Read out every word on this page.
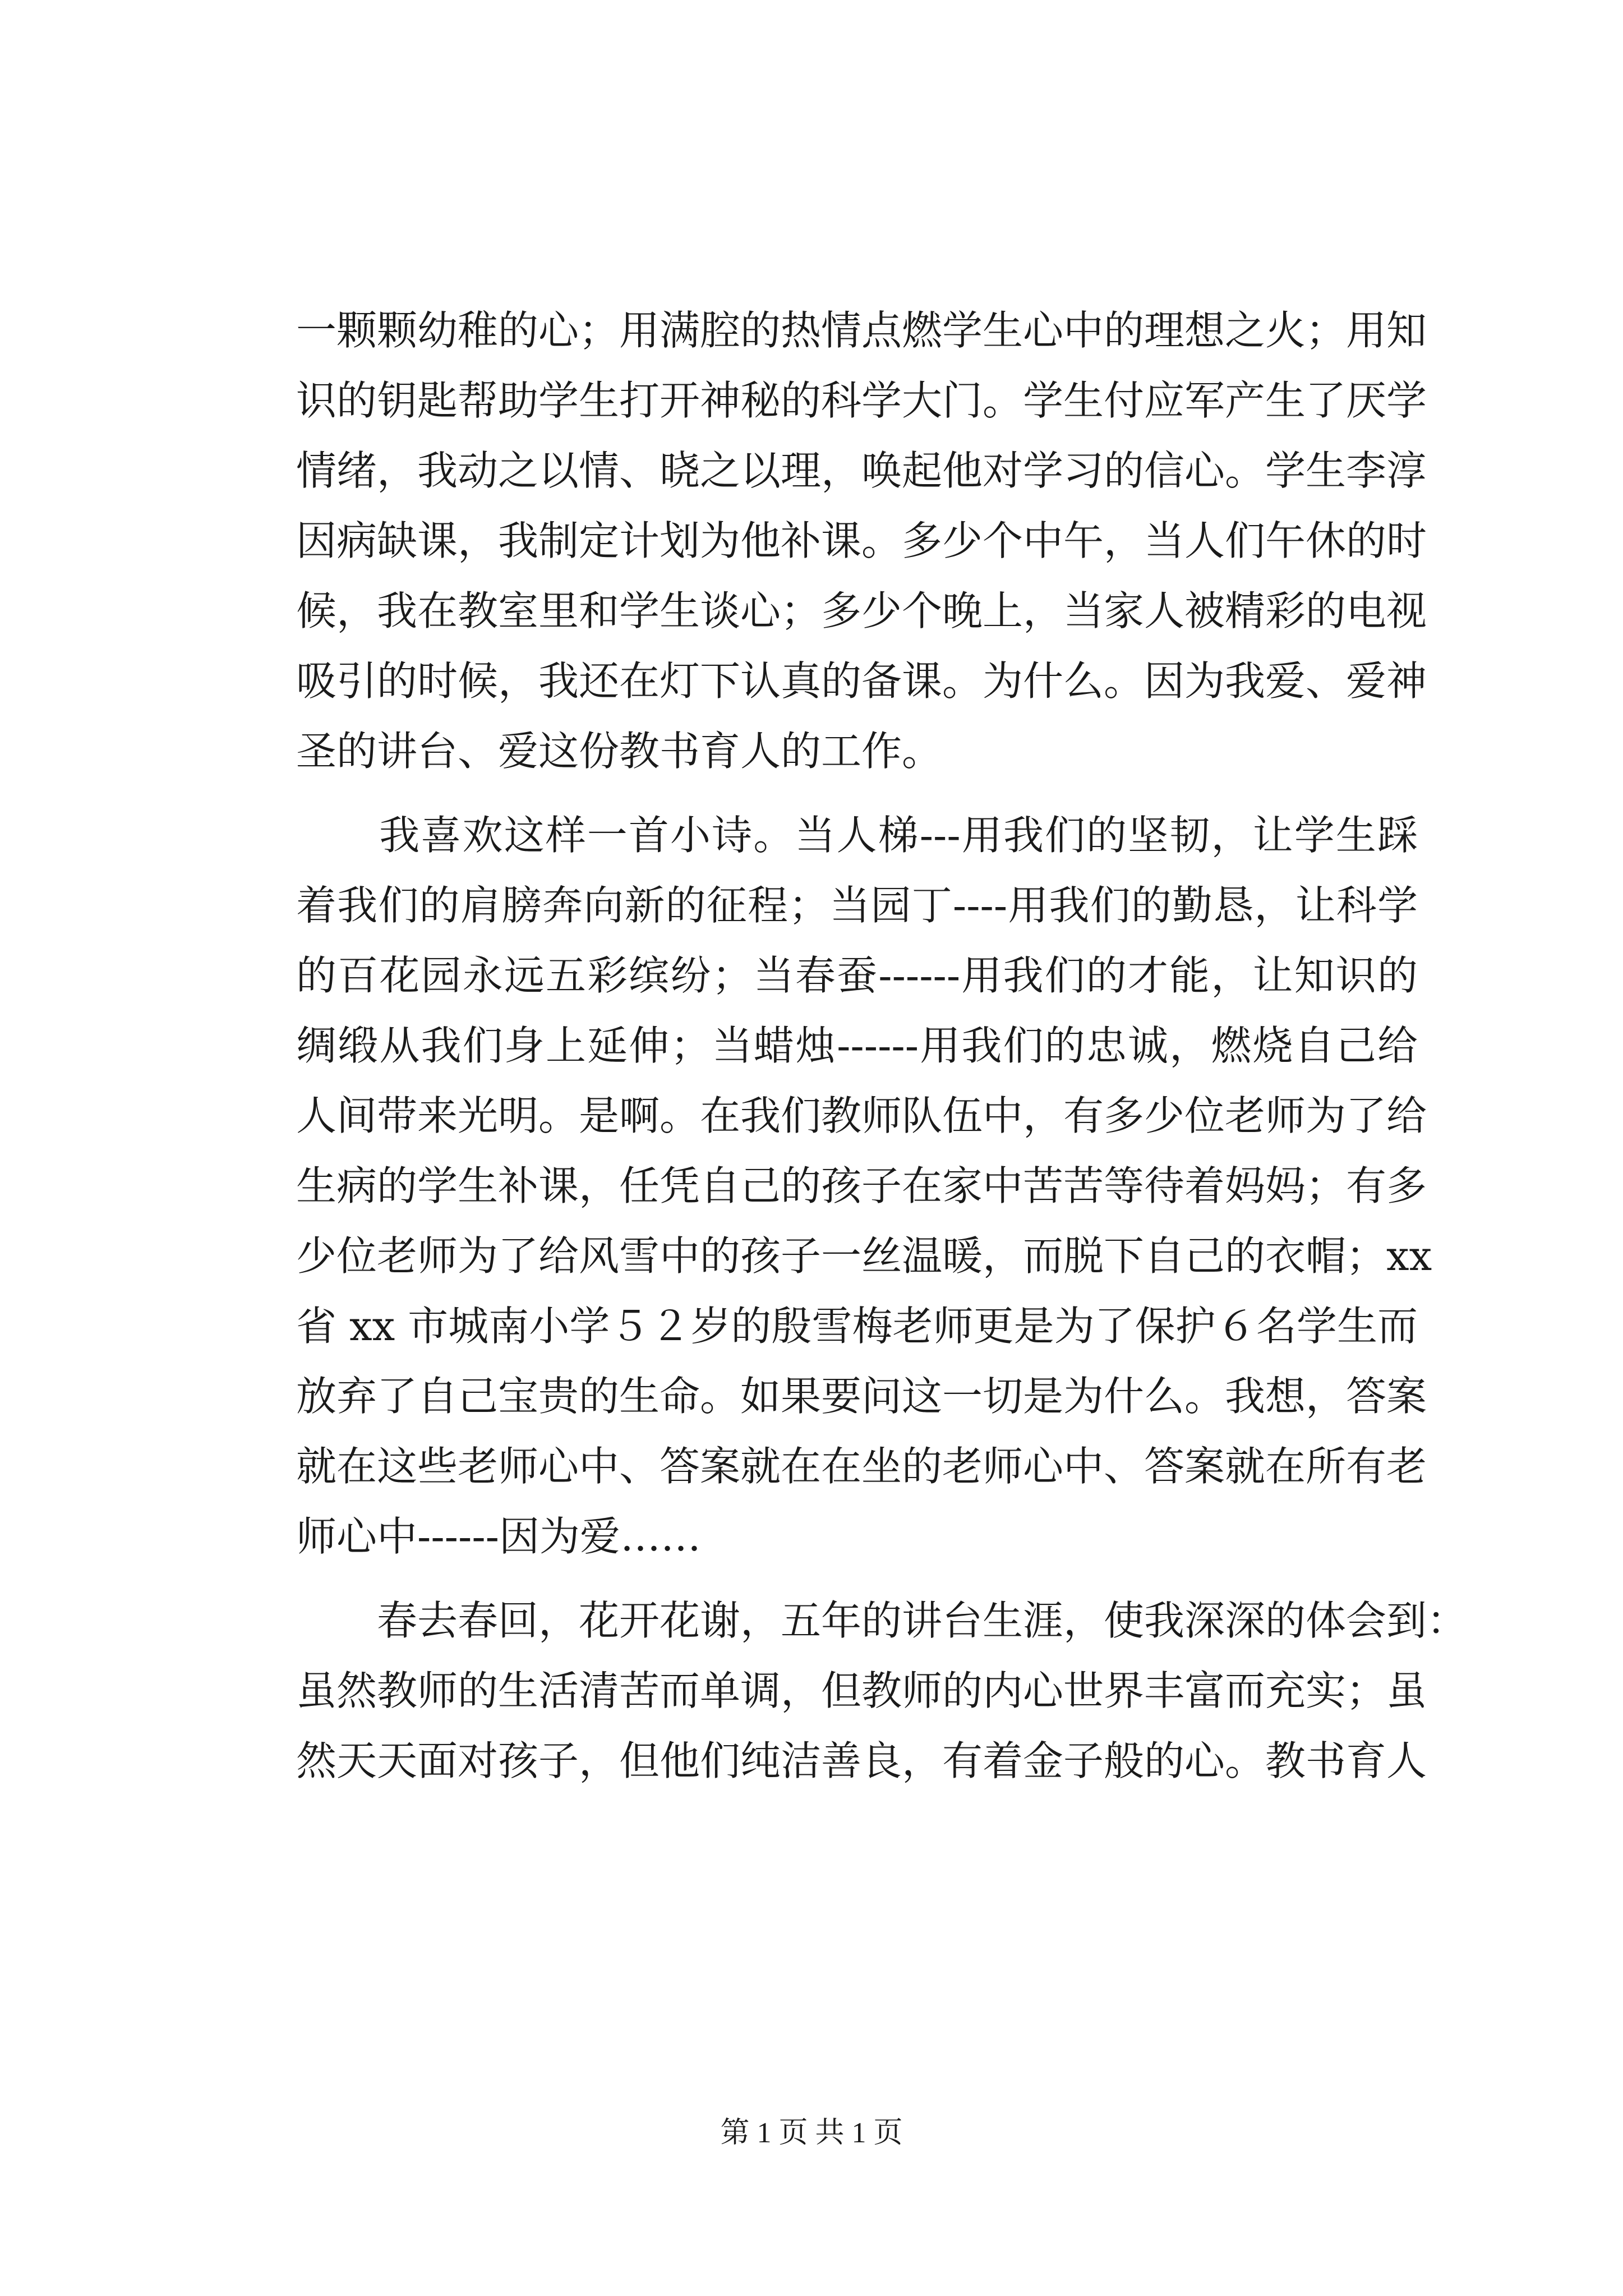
一颗颗幼稚的心；用满腔的热情点燃学生心中的理想之火；用知
识的钥匙帮助学生打开神秘的科学大门。学生付应军产生了厌学
情绪，我动之以情、晓之以理，唤起他对学习的信心。学生李淳
因病缺课，我制定计划为他补课。多少个中午，当人们午休的时
候，我在教室里和学生谈心；多少个晚上，当家人被精彩的电视
吸引的时候，我还在灯下认真的备课。为什么。因为我爱、爱神
圣的讲台、爱这份教书育人的工作。
　　我喜欢这样一首小诗。当人梯---用我们的坚韧，让学生踩
着我们的肩膀奔向新的征程；当园丁----用我们的勤恳，让科学
的百花园永远五彩缤纷；当春蚕------用我们的才能，让知识的
绸缎从我们身上延伸；当蜡烛------用我们的忠诚，燃烧自己给
人间带来光明。是啊。在我们教师队伍中，有多少位老师为了给
生病的学生补课，任凭自己的孩子在家中苦苦等待着妈妈；有多
少位老师为了给风雪中的孩子一丝温暖，而脱下自己的衣帽；xx
省 xx 市城南小学５２岁的殷雪梅老师更是为了保护６名学生而
放弃了自己宝贵的生命。如果要问这一切是为什么。我想，答案
就在这些老师心中、答案就在在坐的老师心中、答案就在所有老
师心中------因为爱……
　　春去春回，花开花谢，五年的讲台生涯，使我深深的体会到：
虽然教师的生活清苦而单调，但教师的内心世界丰富而充实；虽
然天天面对孩子，但他们纯洁善良，有着金子般的心。教书育人
第 1 页 共 1 页
